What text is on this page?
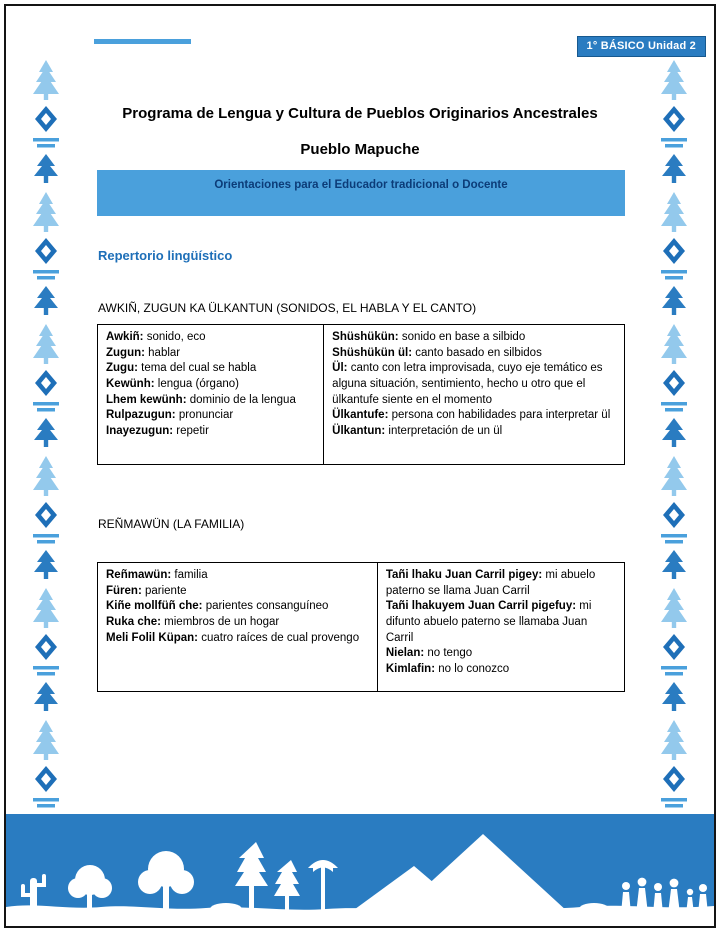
1° BÁSICO Unidad 2
Programa de Lengua y Cultura de Pueblos Originarios Ancestrales
Pueblo Mapuche
Orientaciones para el Educador tradicional o Docente
Repertorio lingüístico
AWKIÑ, ZUGUN KA ÜLKANTUN (SONIDOS, EL HABLA Y EL CANTO)
Awkiñ : sonido, eco
Zugun : hablar
Zugu : tema del cual se habla
Kewünh : lengua (órgano)
Lhem kewünh : dominio de la lengua
Rulpazugun : pronunciar
Inayezugun : repetir
Shüshükün : sonido en base a silbido
Shüshükün ül : canto basado en silbidos
Ül : canto con letra improvisada, cuyo eje temático es alguna situación, sentimiento, hecho u otro que el ülkantufe siente en el momento
Ülkantufe : persona con habilidades para interpretar ül
Ülkantun : interpretación de un ül
REÑMAWÜN (LA FAMILIA)
Reñmawün : familia
Füren : pariente
Kiñe mollfüñ che : parientes consanguíneo
Ruka che : miembros de un hogar
Meli Folil Küpan : cuatro raíces de cual provengo
Tañi lhaku Juan Carril pigey : mi abuelo paterno se llama Juan Carril
Tañi lhakuyem Juan Carril pigefuy : mi difunto abuelo paterno se llamaba Juan Carril
Nielan : no tengo
Kimlafin : no lo conozco
